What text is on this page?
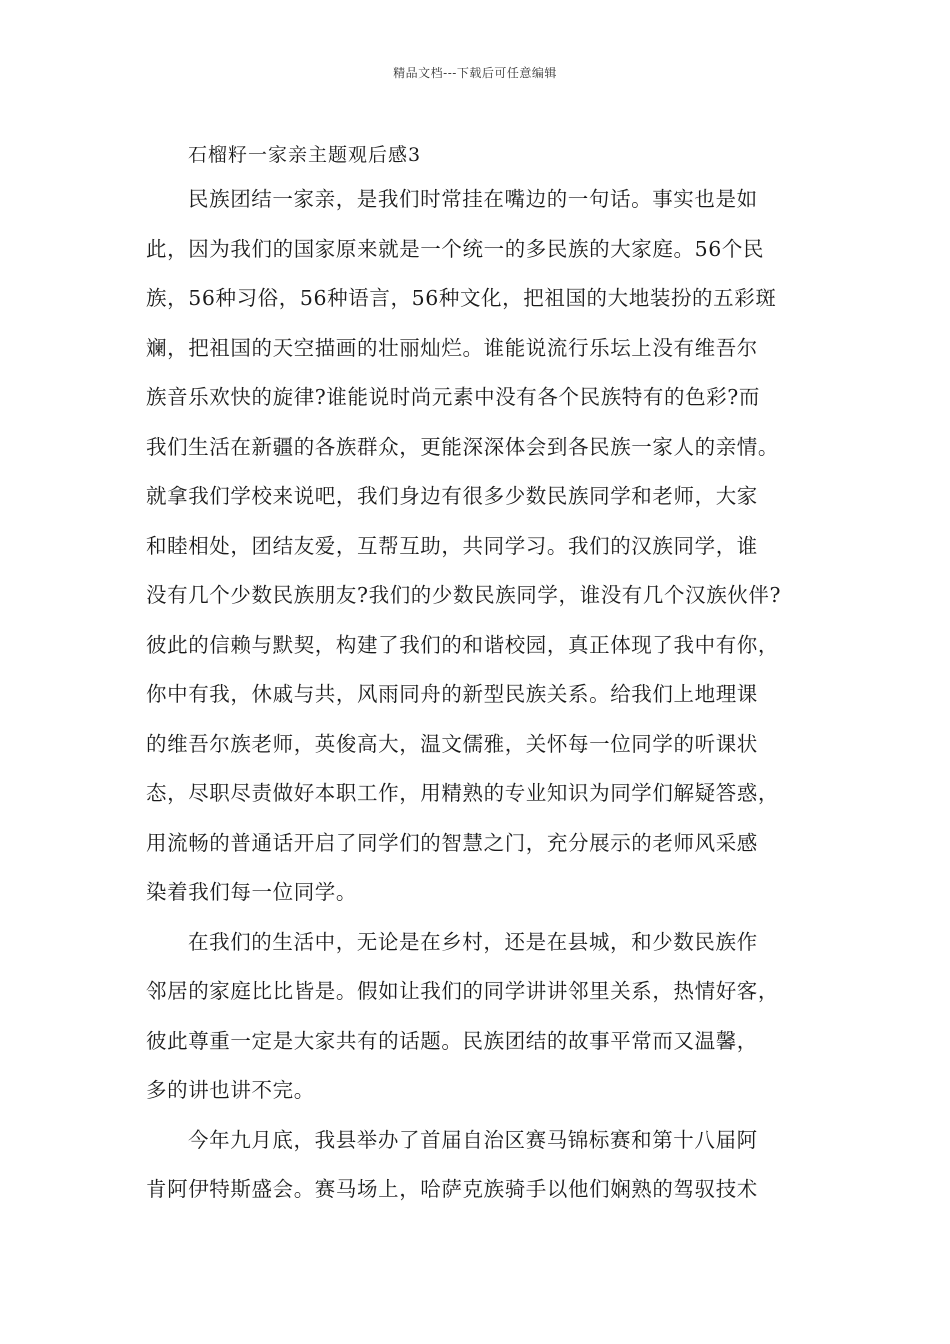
精品文档---下载后可任意编辑
石榴籽一家亲主题观后感3
民族团结一家亲，是我们时常挂在嘴边的一句话。事实也是如
此，因为我们的国家原来就是一个统一的多民族的大家庭。56个民
族，56种习俗，56种语言，56种文化，把祖国的大地装扮的五彩斑
斓，把祖国的天空描画的壮丽灿烂。谁能说流行乐坛上没有维吾尔
族音乐欢快的旋律?谁能说时尚元素中没有各个民族特有的色彩?而
我们生活在新疆的各族群众，更能深深体会到各民族一家人的亲情。
就拿我们学校来说吧，我们身边有很多少数民族同学和老师，大家
和睦相处，团结友爱，互帮互助，共同学习。我们的汉族同学，谁
没有几个少数民族朋友?我们的少数民族同学，谁没有几个汉族伙伴?
彼此的信赖与默契，构建了我们的和谐校园，真正体现了我中有你，
你中有我，休戚与共，风雨同舟的新型民族关系。给我们上地理课
的维吾尔族老师，英俊高大，温文儒雅，关怀每一位同学的听课状
态，尽职尽责做好本职工作，用精熟的专业知识为同学们解疑答惑，
用流畅的普通话开启了同学们的智慧之门，充分展示的老师风采感
染着我们每一位同学。
在我们的生活中，无论是在乡村，还是在县城，和少数民族作
邻居的家庭比比皆是。假如让我们的同学讲讲邻里关系，热情好客，
彼此尊重一定是大家共有的话题。民族团结的故事平常而又温馨，
多的讲也讲不完。
今年九月底，我县举办了首届自治区赛马锦标赛和第十八届阿
肯阿伊特斯盛会。赛马场上，哈萨克族骑手以他们娴熟的驾驭技术
